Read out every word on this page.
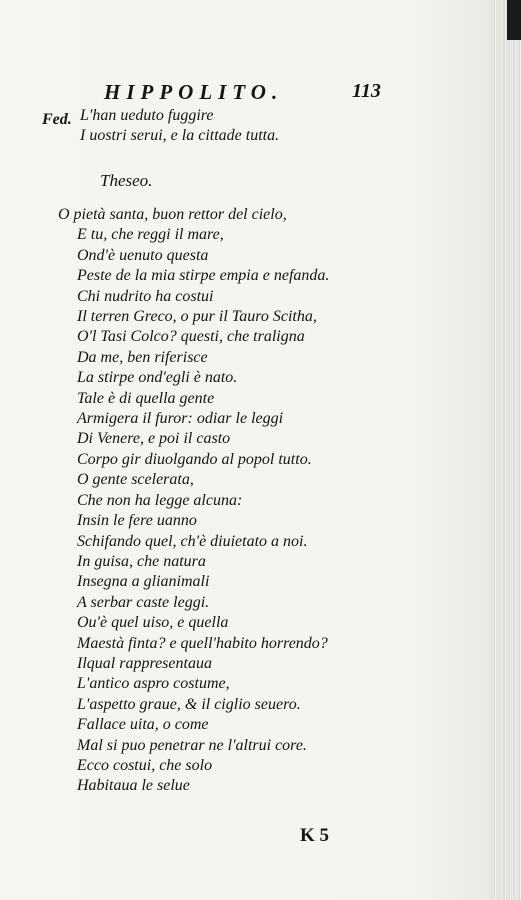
HIPPOLITO.	113
Fed. L'han ueduto fuggire
I uostri serui, e la cittade tutta.
Theseo.
O pietà santa, buon rettor del cielo,
E tu, che reggi il mare,
Ond'è uenuto questa
Peste de la mia stirpe empia e nefanda.
Chi nudrito ha costui
Il terren Greco, o pur il Tauro Scitha,
O'l Tasi Colco? questi, che traligna
Da me, ben riferisce
La stirpe ond'egli è nato.
Tale è di quella gente
Armigera il furor: odiar le leggi
Di Venere, e poi il casto
Corpo gir diuolgando al popol tutto.
O gente scelerata,
Che non ha legge alcuna:
Insin le fere uanno
Schifando quel, ch'è diuietato a noi.
In guisa, che natura
Insegna a glianimali
A serbar caste leggi.
Ou'è quel uiso, e quella
Maestà finta? e quell'habito horrendo?
Ilqual rappresentaua
L'antico aspro costume,
L'aspetto graue, & il ciglio seuero.
Fallace uita, o come
Mal si puo penetrar ne l'altrui core.
Ecco costui, che solo
Habitaua le selue
K 5
